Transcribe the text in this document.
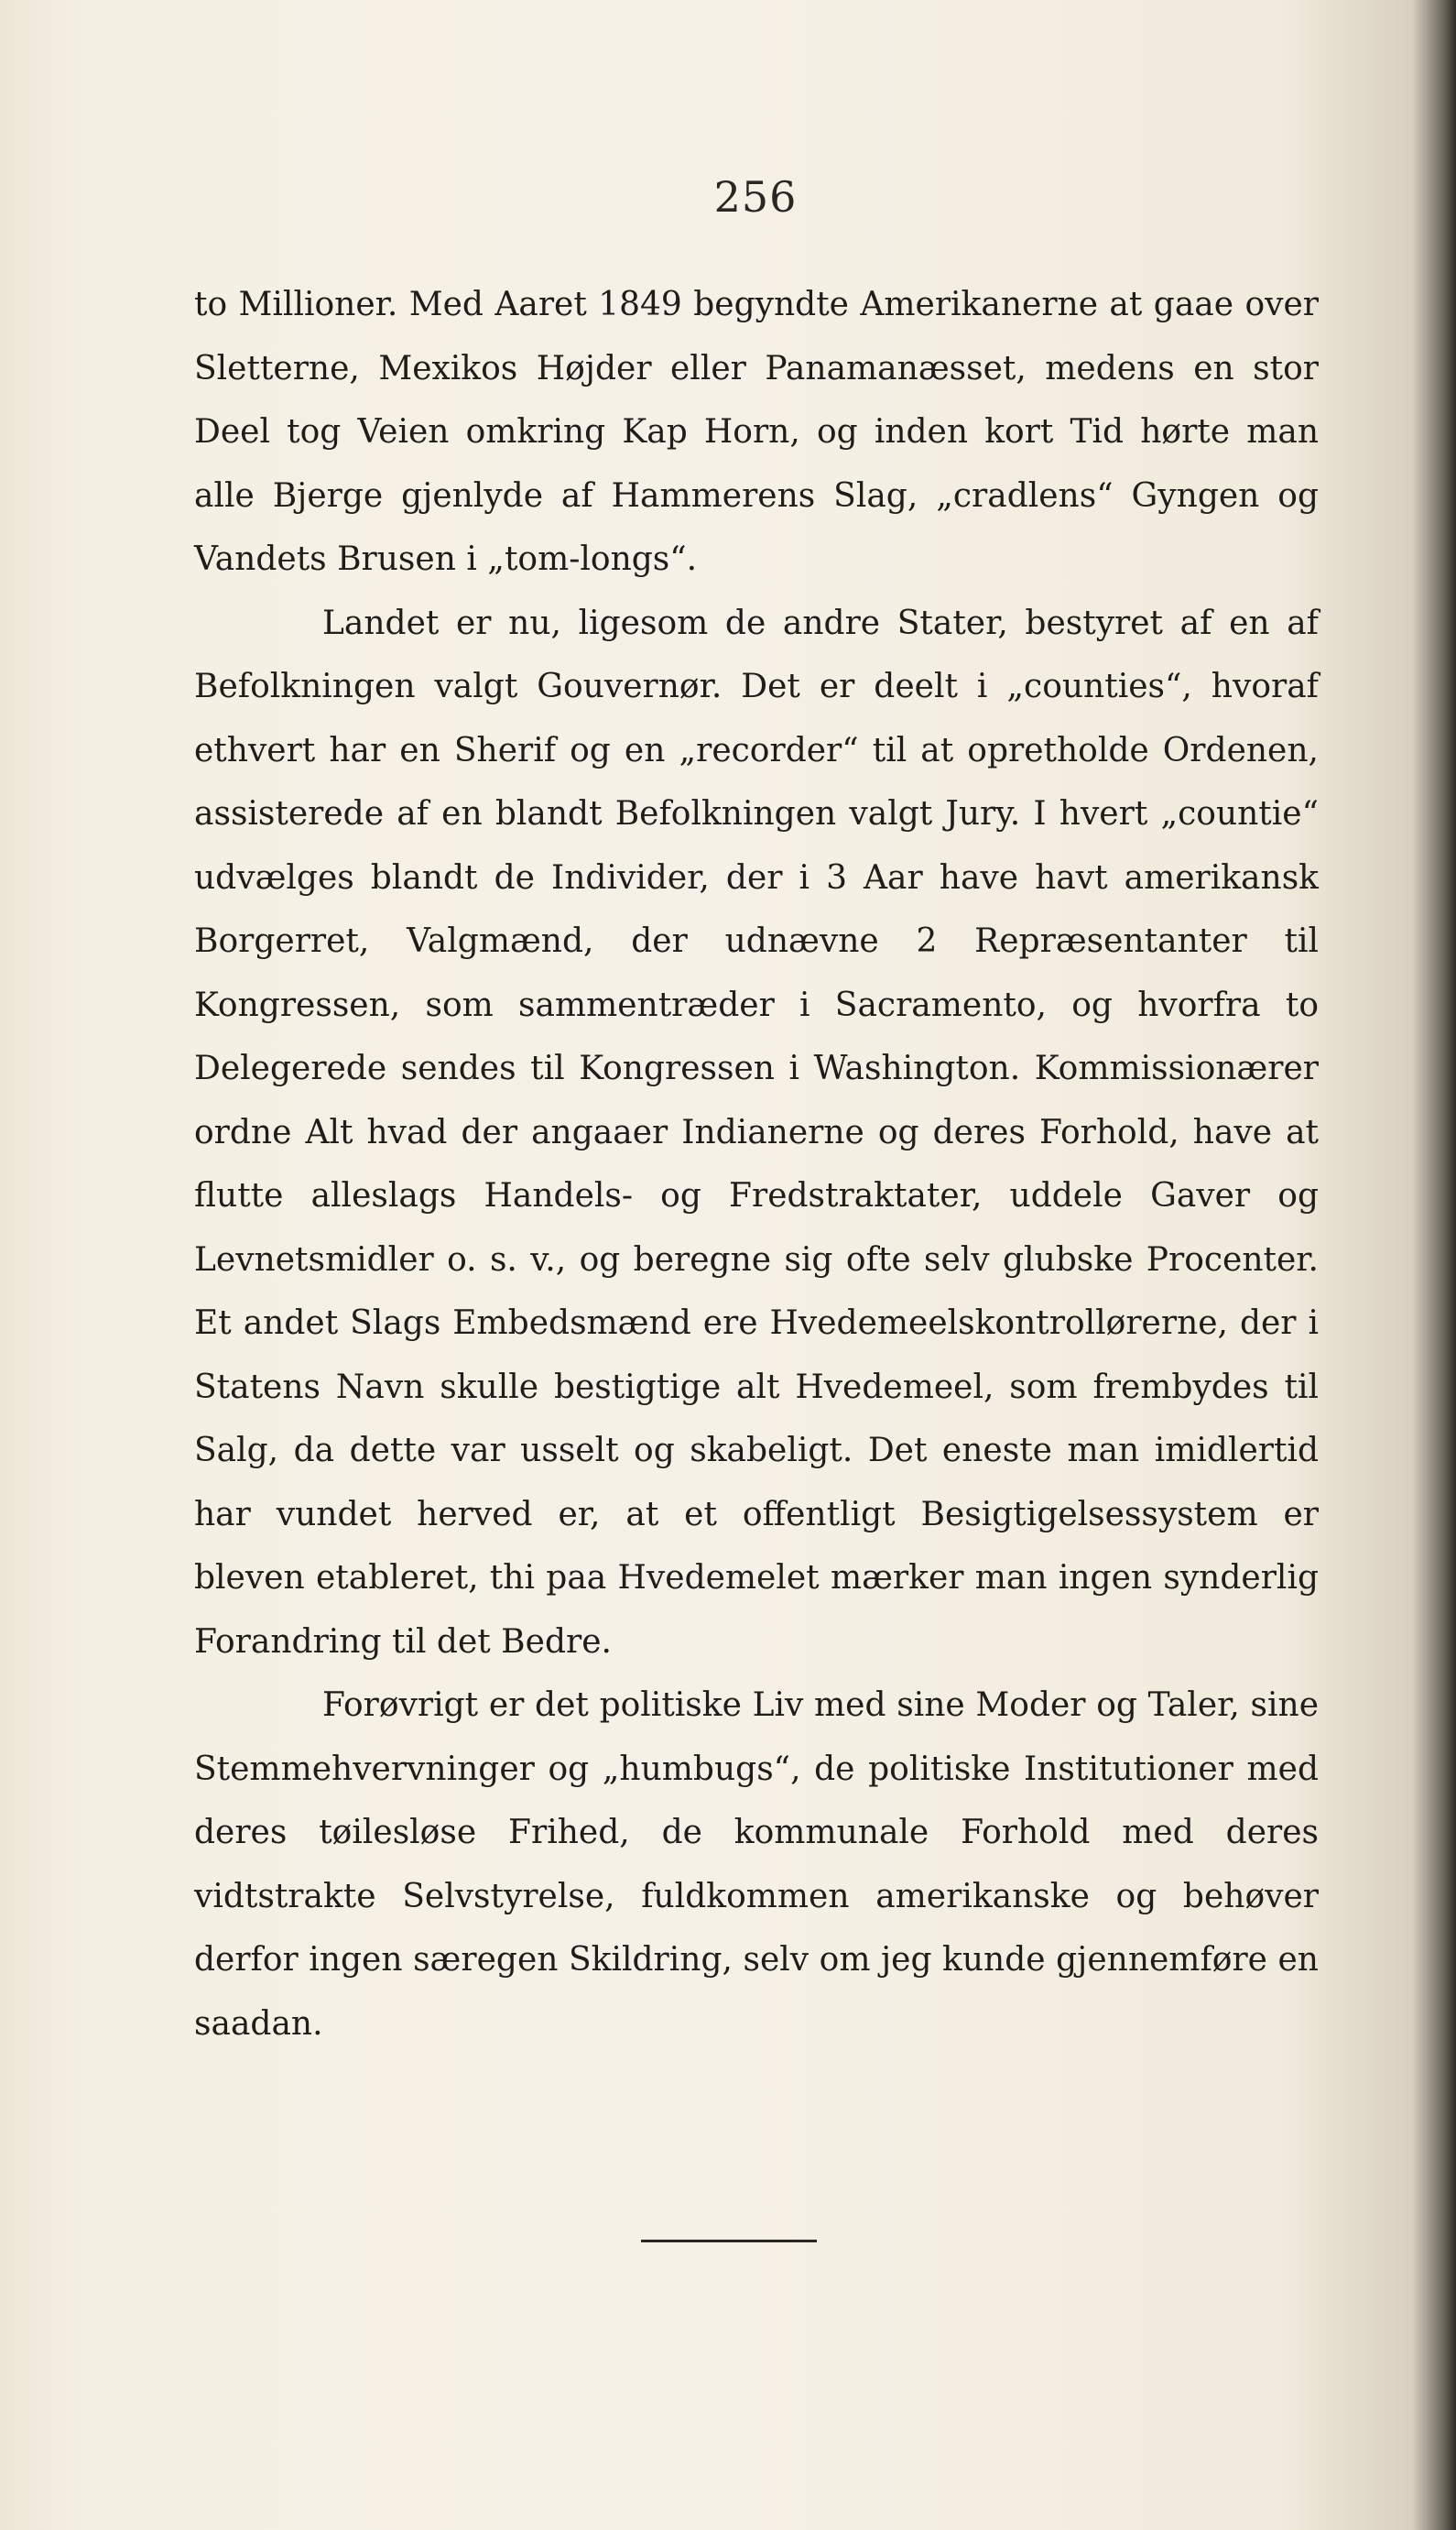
256

to Millioner. Med Aaret 1849 begyndte Amerikanerne at gaae over Sletterne, Mexikos Højder eller Panamanæsset, medens en stor Deel tog Veien omkring Kap Horn, og inden kort Tid hørte man alle Bjerge gjenlyde af Hammerens Slag, „cradlens“ Gyngen og Vandets Brusen i „tom-longs“.

Landet er nu, ligesom de andre Stater, bestyret af en af Befolkningen valgt Gouvernør. Det er deelt i „counties“, hvoraf ethvert har en Sherif og en „recorder“ til at opretholde Ordenen, assisterede af en blandt Befolkningen valgt Jury. I hvert „countie“ udvælges blandt de Individer, der i 3 Aar have havt amerikansk Borgerret, Valgmænd, der udnævne 2 Repræsentanter til Kongressen, som sammentræder i Sacramento, og hvorfra to Delegerede sendes til Kongressen i Washington. Kommissionærer ordne Alt hvad der angaaer Indianerne og deres Forhold, have at flutte alleslags Handels- og Fredstraktater, uddele Gaver og Levnetsmidler o. s. v., og beregne sig ofte selv glubske Procenter. Et andet Slags Embedsmænd ere Hvedemeelskontrollørerne, der i Statens Navn skulle bestigtige alt Hvedemeel, som frembydes til Salg, da dette var usselt og skabeligt. Det eneste man imidlertid har vundet herved er, at et offentligt Besigtigelsessystem er bleven etableret, thi paa Hvedemelet mærker man ingen synderlig Forandring til det Bedre.

Forøvrigt er det politiske Liv med sine Moder og Taler, sine Stemmehvervninger og „humbugs“, de politiske Institutioner med deres tøilesløse Frihed, de kommunale Forhold med deres vidtstrakte Selvstyrelse, fuldkommen amerikanske og behøver derfor ingen særegen Skildring, selv om jeg kunde gjennemføre en saadan.
